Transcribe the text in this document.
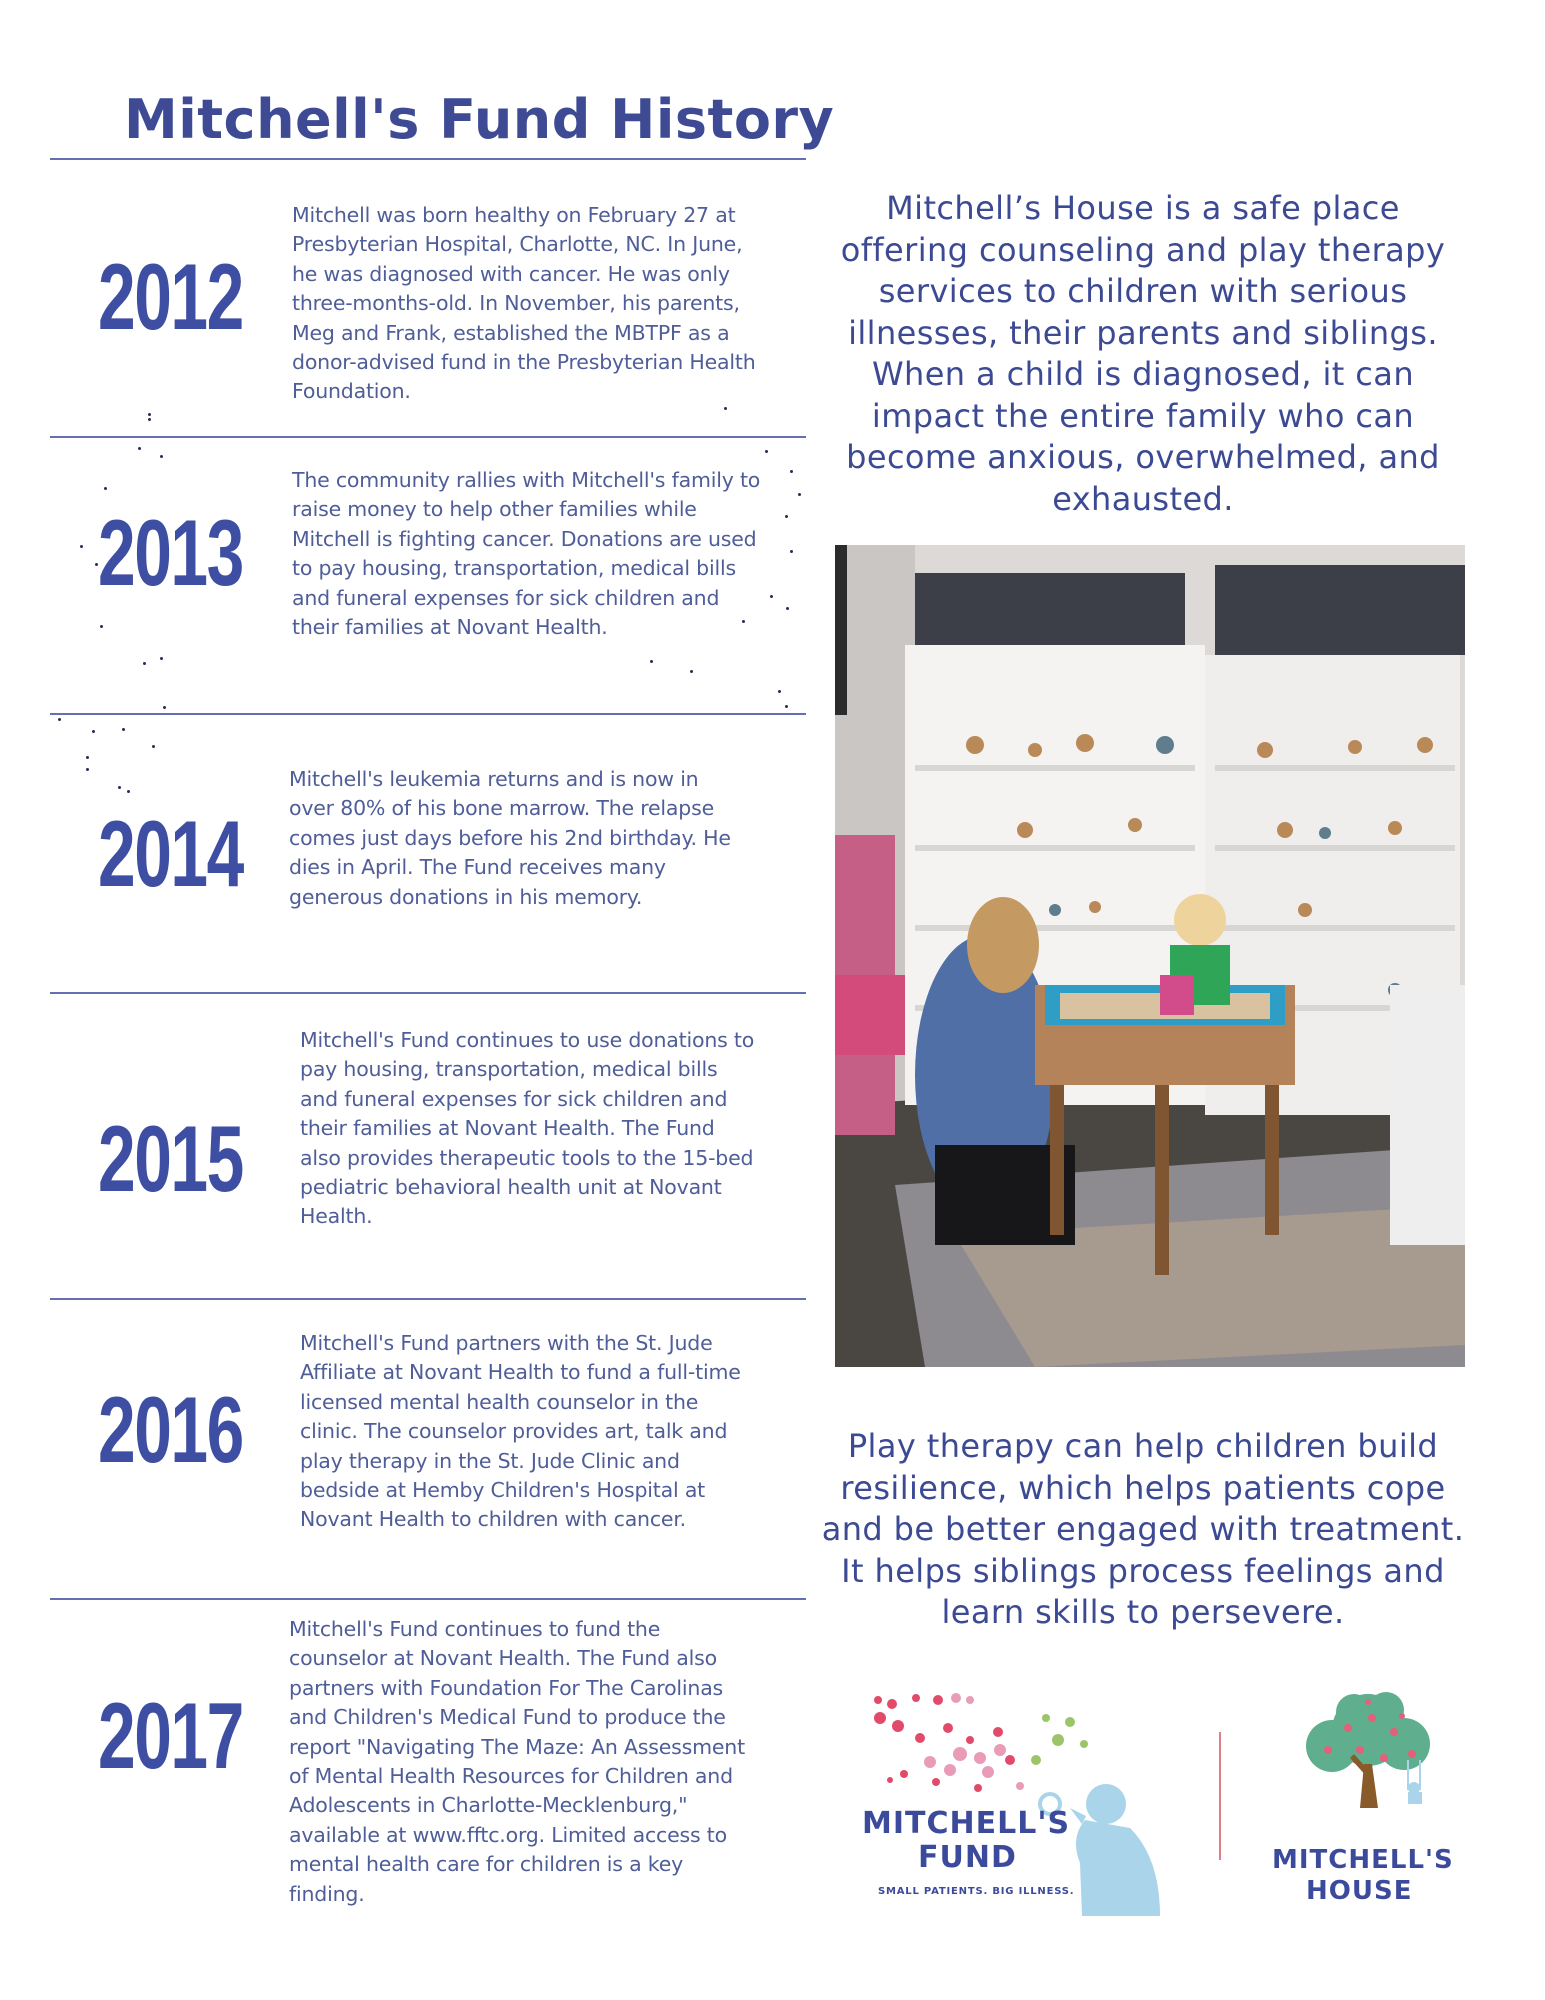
Mitchell's Fund History
2012

Mitchell was born healthy on February 27 at Presbyterian Hospital, Charlotte, NC. In June, he was diagnosed with cancer. He was only three-months-old. In November, his parents, Meg and Frank, established the MBTPF as a donor-advised fund in the Presbyterian Health Foundation.

2013

The community rallies with Mitchell's family to raise money to help other families while Mitchell is fighting cancer. Donations are used to pay housing, transportation, medical bills and funeral expenses for sick children and their families at Novant Health.

2014

Mitchell's leukemia returns and is now in over 80% of his bone marrow. The relapse comes just days before his 2nd birthday. He dies in April. The Fund receives many generous donations in his memory.

2015

Mitchell's Fund continues to use donations to pay housing, transportation, medical bills and funeral expenses for sick children and their families at Novant Health. The Fund also provides therapeutic tools to the 15-bed pediatric behavioral health unit at Novant Health.

2016

Mitchell's Fund partners with the St. Jude Affiliate at Novant Health to fund a full-time licensed mental health counselor in the clinic. The counselor provides art, talk and play therapy in the St. Jude Clinic and bedside at Hemby Children's Hospital at Novant Health to children with cancer.

2017

Mitchell's Fund continues to fund the counselor at Novant Health. The Fund also partners with Foundation For The Carolinas and Children's Medical Fund to produce the report "Navigating The Maze: An Assessment of Mental Health Resources for Children and Adolescents in Charlotte-Mecklenburg," available at www.fftc.org. Limited access to mental health care for children is a key finding.

Mitchell’s House is a safe place offering counseling and play therapy services to children with serious illnesses, their parents and siblings. When a child is diagnosed, it can impact the entire family who can become anxious, overwhelmed, and exhausted.

Play therapy can help children build resilience, which helps patients cope and be better engaged with treatment. It helps siblings process feelings and learn skills to persevere.

MITCHELL'S
FUND
SMALL PATIENTS. BIG ILLNESS.
MITCHELL'S
HOUSE
